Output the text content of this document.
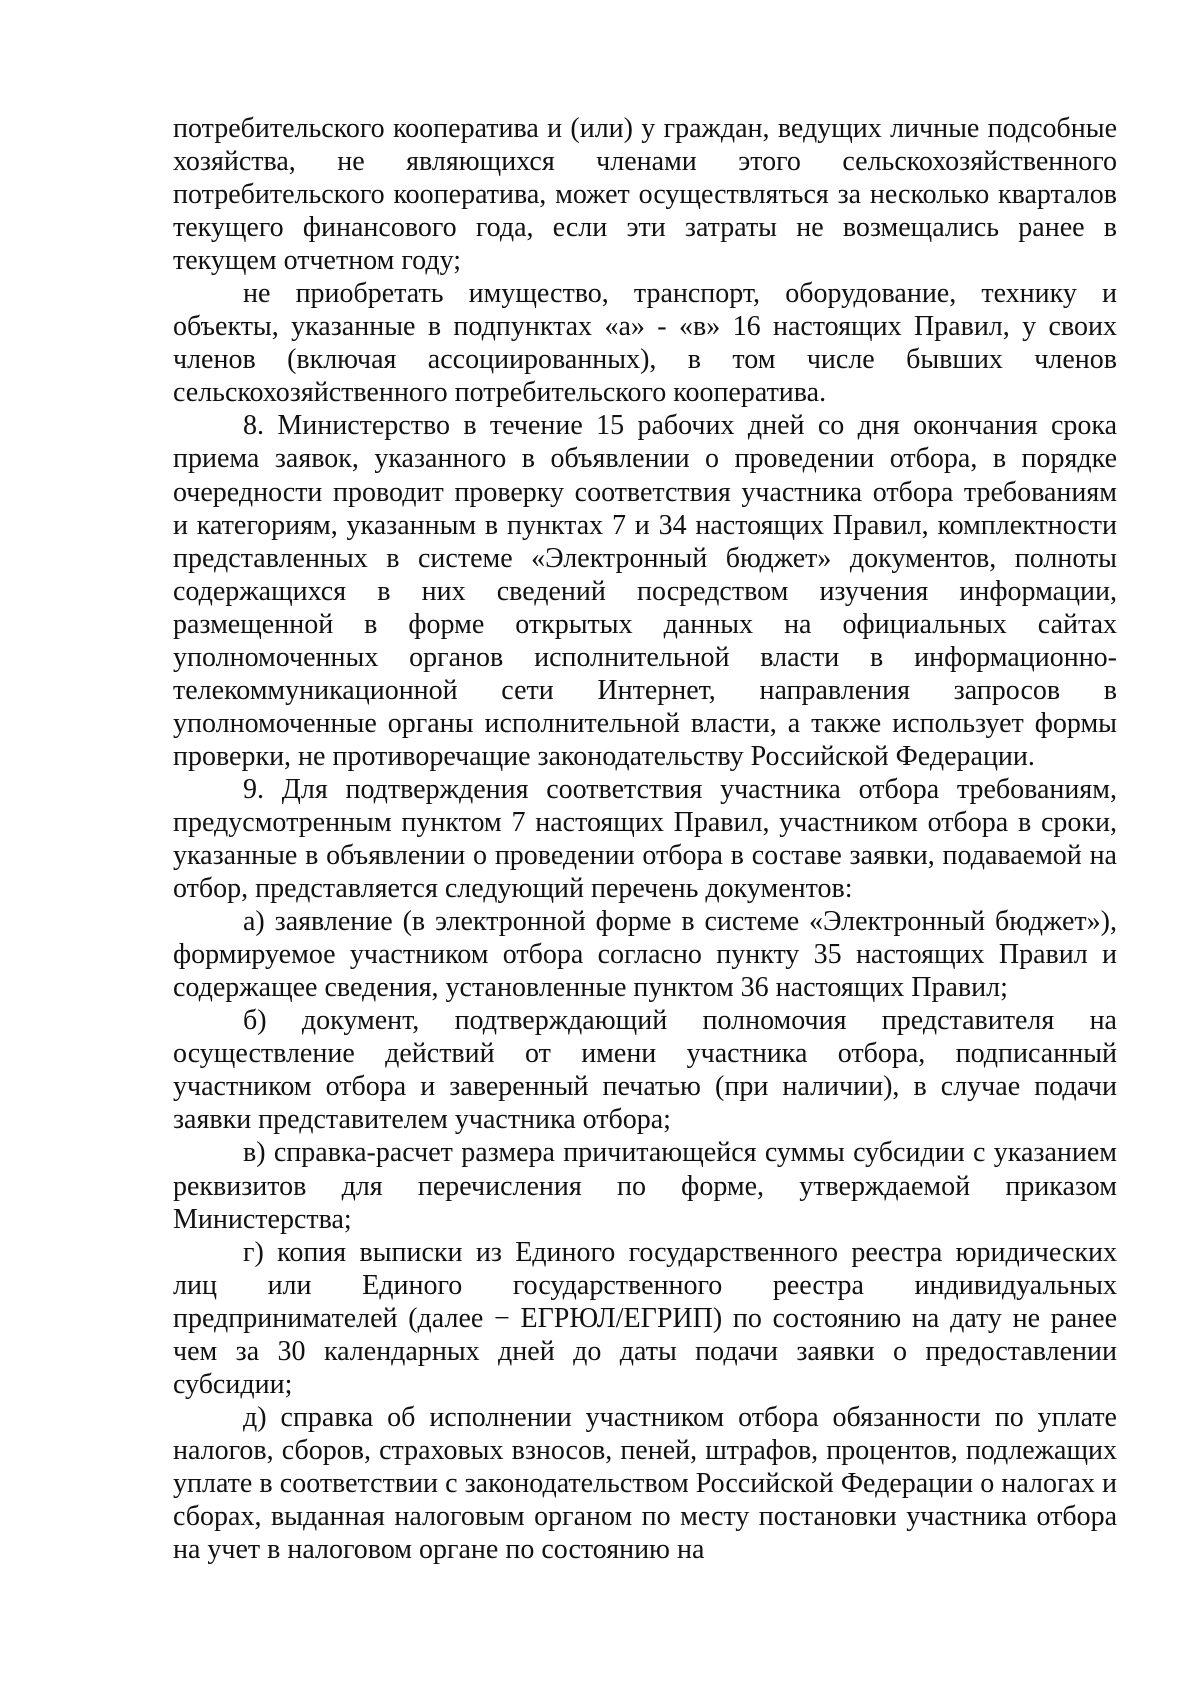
потребительского кооператива и (или) у граждан, ведущих личные подсобные хозяйства, не являющихся членами этого сельскохозяйственного потребительского кооператива, может осуществляться за несколько кварталов текущего финансового года, если эти затраты не возмещались ранее в текущем отчетном году;

не приобретать имущество, транспорт, оборудование, технику и объекты, указанные в подпунктах «а» - «в» 16 настоящих Правил, у своих членов (включая ассоциированных), в том числе бывших членов сельскохозяйственного потребительского кооператива.

8. Министерство в течение 15 рабочих дней со дня окончания срока приема заявок, указанного в объявлении о проведении отбора, в порядке очередности проводит проверку соответствия участника отбора требованиям и категориям, указанным в пунктах 7 и 34 настоящих Правил, комплектности представленных в системе «Электронный бюджет» документов, полноты содержащихся в них сведений посредством изучения информации, размещенной в форме открытых данных на официальных сайтах уполномоченных органов исполнительной власти в информационно-телекоммуникационной сети Интернет, направления запросов в уполномоченные органы исполнительной власти, а также использует формы проверки, не противоречащие законодательству Российской Федерации.

9. Для подтверждения соответствия участника отбора требованиям, предусмотренным пунктом 7 настоящих Правил, участником отбора в сроки, указанные в объявлении о проведении отбора в составе заявки, подаваемой на отбор, представляется следующий перечень документов:

а) заявление (в электронной форме в системе «Электронный бюджет»), формируемое участником отбора согласно пункту 35 настоящих Правил и содержащее сведения, установленные пунктом 36 настоящих Правил;

б) документ, подтверждающий полномочия представителя на осуществление действий от имени участника отбора, подписанный участником отбора и заверенный печатью (при наличии), в случае подачи заявки представителем участника отбора;

в) справка-расчет размера причитающейся суммы субсидии с указанием реквизитов для перечисления по форме, утверждаемой приказом Министерства;

г) копия выписки из Единого государственного реестра юридических лиц или Единого государственного реестра индивидуальных предпринимателей (далее − ЕГРЮЛ/ЕГРИП) по состоянию на дату не ранее чем за 30 календарных дней до даты подачи заявки о предоставлении субсидии;

д) справка об исполнении участником отбора обязанности по уплате налогов, сборов, страховых взносов, пеней, штрафов, процентов, подлежащих уплате в соответствии с законодательством Российской Федерации о налогах и сборах, выданная налоговым органом по месту постановки участника отбора на учет в налоговом органе по состоянию на
